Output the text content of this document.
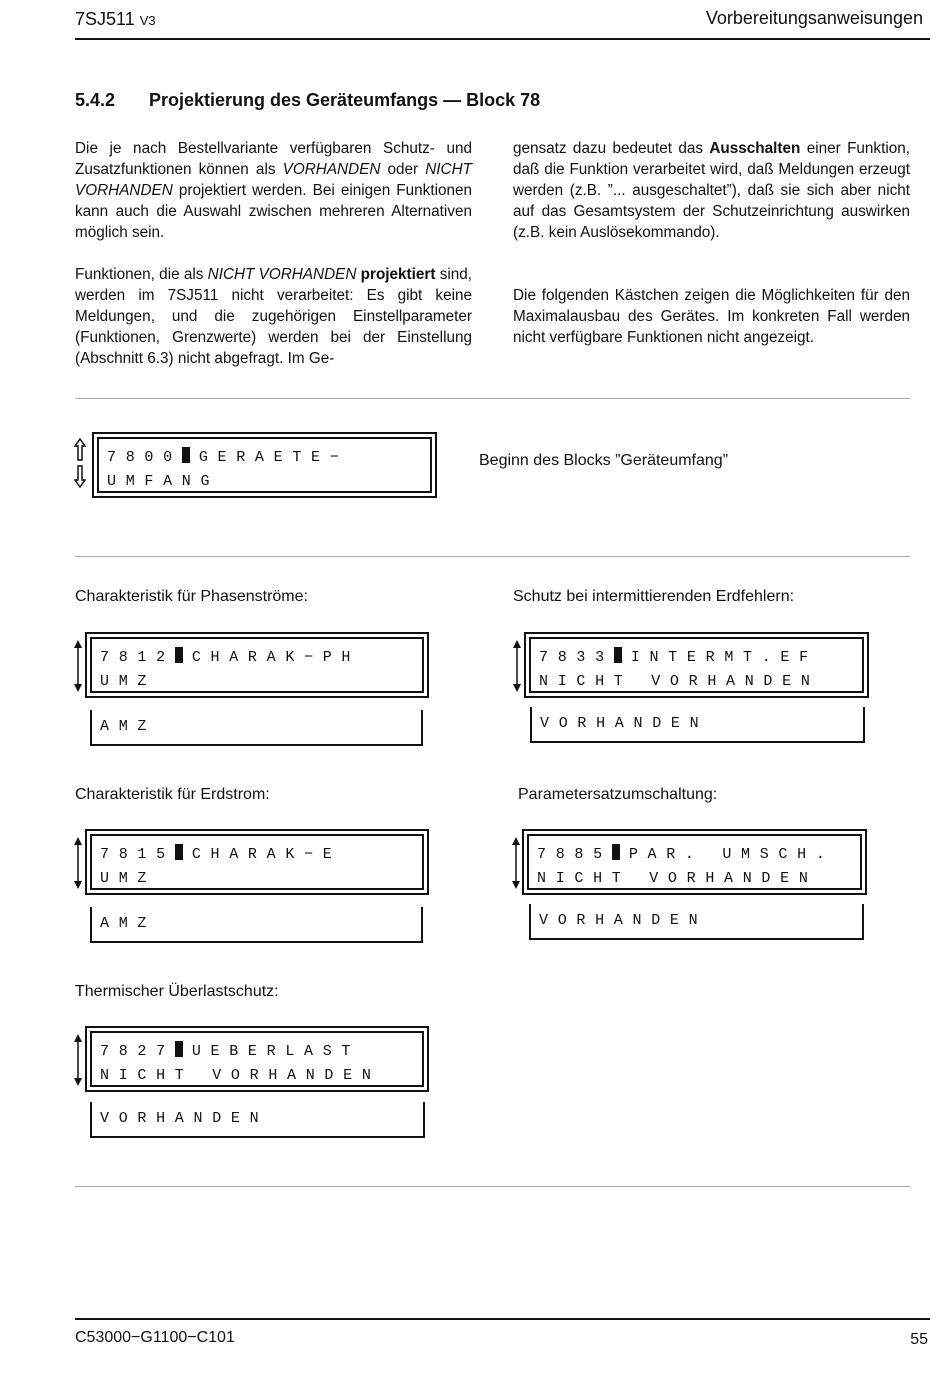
7SJ511 V3	Vorbereitungsanweisungen
5.4.2 Projektierung des Geräteumfangs — Block 78

Die je nach Bestellvariante verfügbaren Schutz- und Zusatzfunktionen können als VORHANDEN oder NICHT VORHANDEN projektiert werden. Bei einigen Funktionen kann auch die Auswahl zwischen mehreren Alternativen möglich sein.

Funktionen, die als NICHT VORHANDEN projektiert sind, werden im 7SJ511 nicht verarbeitet: Es gibt keine Meldungen, und die zugehörigen Einstellparameter (Funktionen, Grenzwerte) werden bei der Einstellung (Abschnitt 6.3) nicht abgefragt. Im Ge-

gensatz dazu bedeutet das Ausschalten einer Funktion, daß die Funktion verarbeitet wird, daß Meldungen erzeugt werden (z.B. ”... ausgeschaltet”), daß sie sich aber nicht auf das Gesamtsystem der Schutzeinrichtung auswirken (z.B. kein Auslösekommando).

Die folgenden Kästchen zeigen die Möglichkeiten für den Maximalausbau des Gerätes. Im konkreten Fall werden nicht verfügbare Funktionen nicht angezeigt.

7800 GERAETE−
UMFANG
Beginn des Blocks ”Geräteumfang”
Charakteristik für Phasenströme:
7812 CHARAK−PH
UMZ
AMZ
Schutz bei intermittierenden Erdfehlern:
7833 INTERMT.EF
NICHT VORHANDEN
VORHANDEN
Charakteristik für Erdstrom:
7815 CHARAK−E
UMZ
AMZ
Parametersatzumschaltung:
7885 PAR. UMSCH.
NICHT VORHANDEN
VORHANDEN
Thermischer Überlastschutz:
7827 UEBERLAST
NICHT VORHANDEN
VORHANDEN
C53000−G1100−C101	55
